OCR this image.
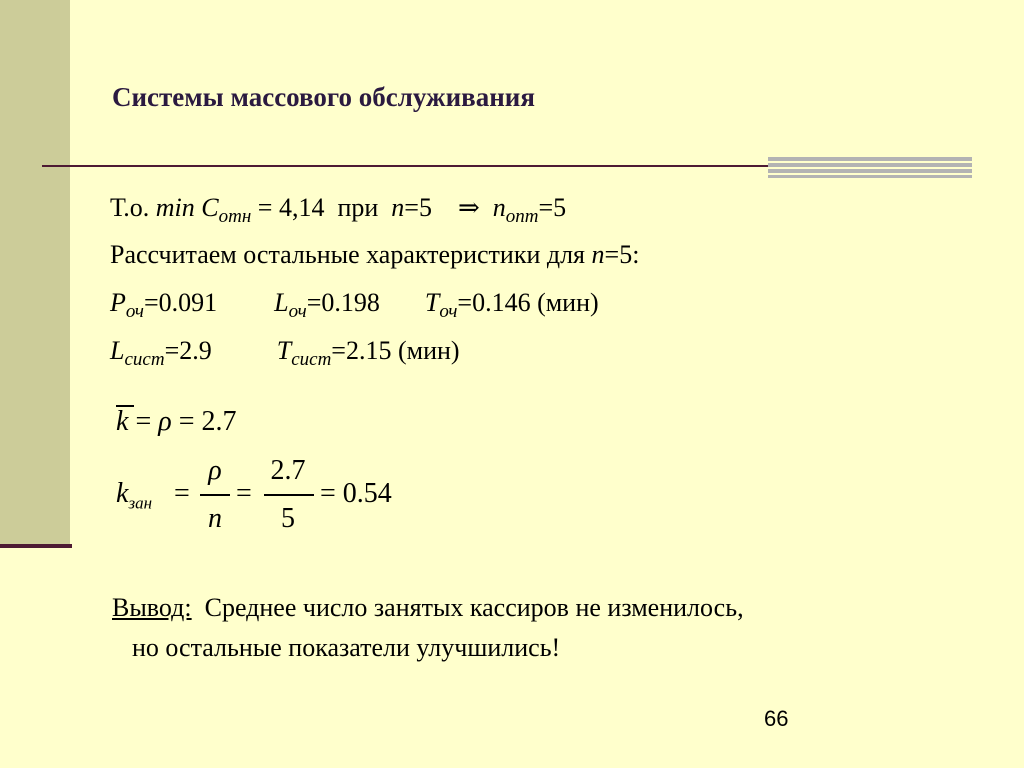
Системы массового обслуживания
Т.о. $\min C_{отн} = 4,14$ при n=5 ⇒ $n_{опт}=5$
Рассчитаем остальные характеристики для n=5:
$P_{оч}=0.091$ $L_{оч}=0.198$ $T_{оч}=0.146$ (мин)
$L_{сист}=2.9$	$T_{сист}=2.15$ (мин)
k = ρ = 2.7
$k_{зан}$ =
ρ
n
=
2.7
5
= 0.54
Вывод: Среднее число занятых кассиров не изменилось,
но остальные показатели улучшились!
66
